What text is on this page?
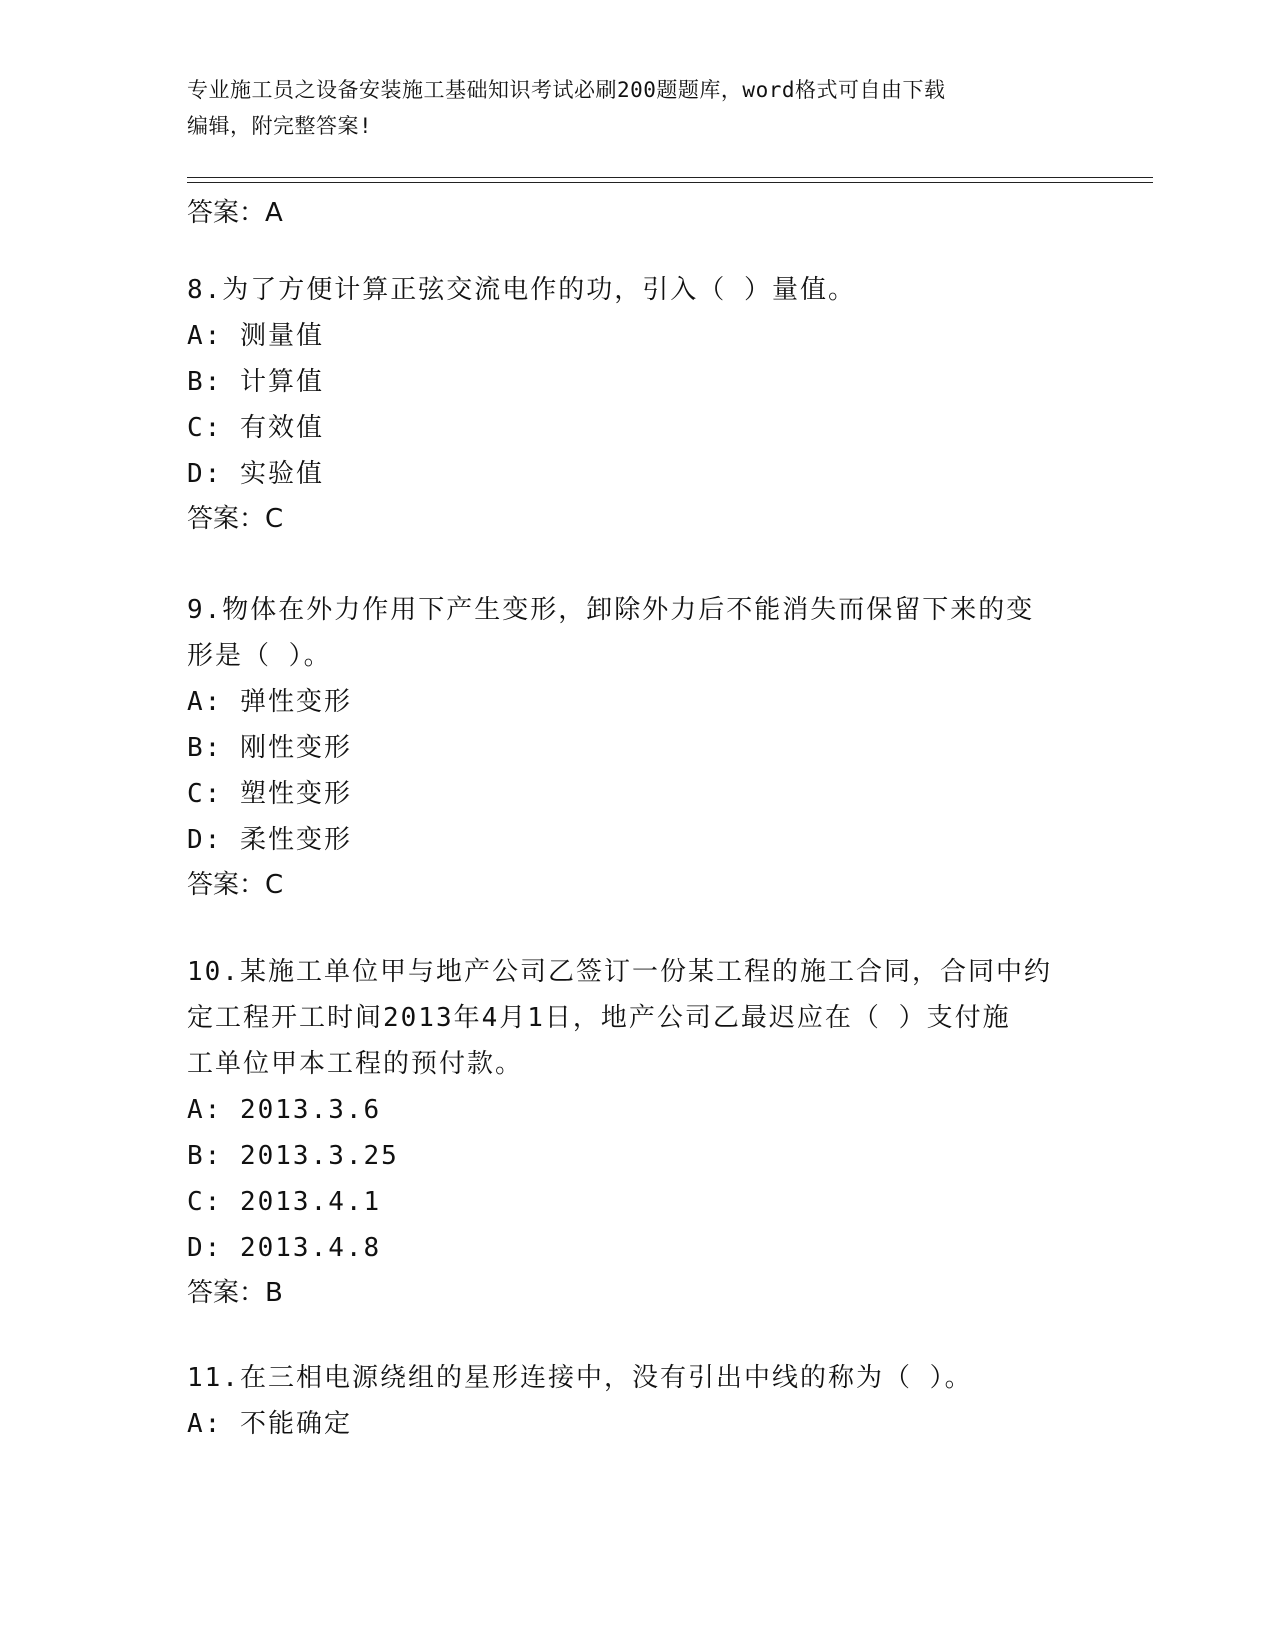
专业施工员之设备安装施工基础知识考试必刷200题题库，word格式可自由下载
编辑，附完整答案!
答案：A

8.为了方便计算正弦交流电作的功，引入（ ）量值。

A: 测量值

B: 计算值

C: 有效值

D: 实验值

答案：C

9.物体在外力作用下产生变形，卸除外力后不能消失而保留下来的变

形是（ ）。

A: 弹性变形

B: 刚性变形

C: 塑性变形

D: 柔性变形

答案：C

10.某施工单位甲与地产公司乙签订一份某工程的施工合同，合同中约

定工程开工时间2013年4月1日，地产公司乙最迟应在（ ）支付施

工单位甲本工程的预付款。

A: 2013.3.6

B: 2013.3.25

C: 2013.4.1

D: 2013.4.8

答案：B

11.在三相电源绕组的星形连接中，没有引出中线的称为（ ）。

A: 不能确定
